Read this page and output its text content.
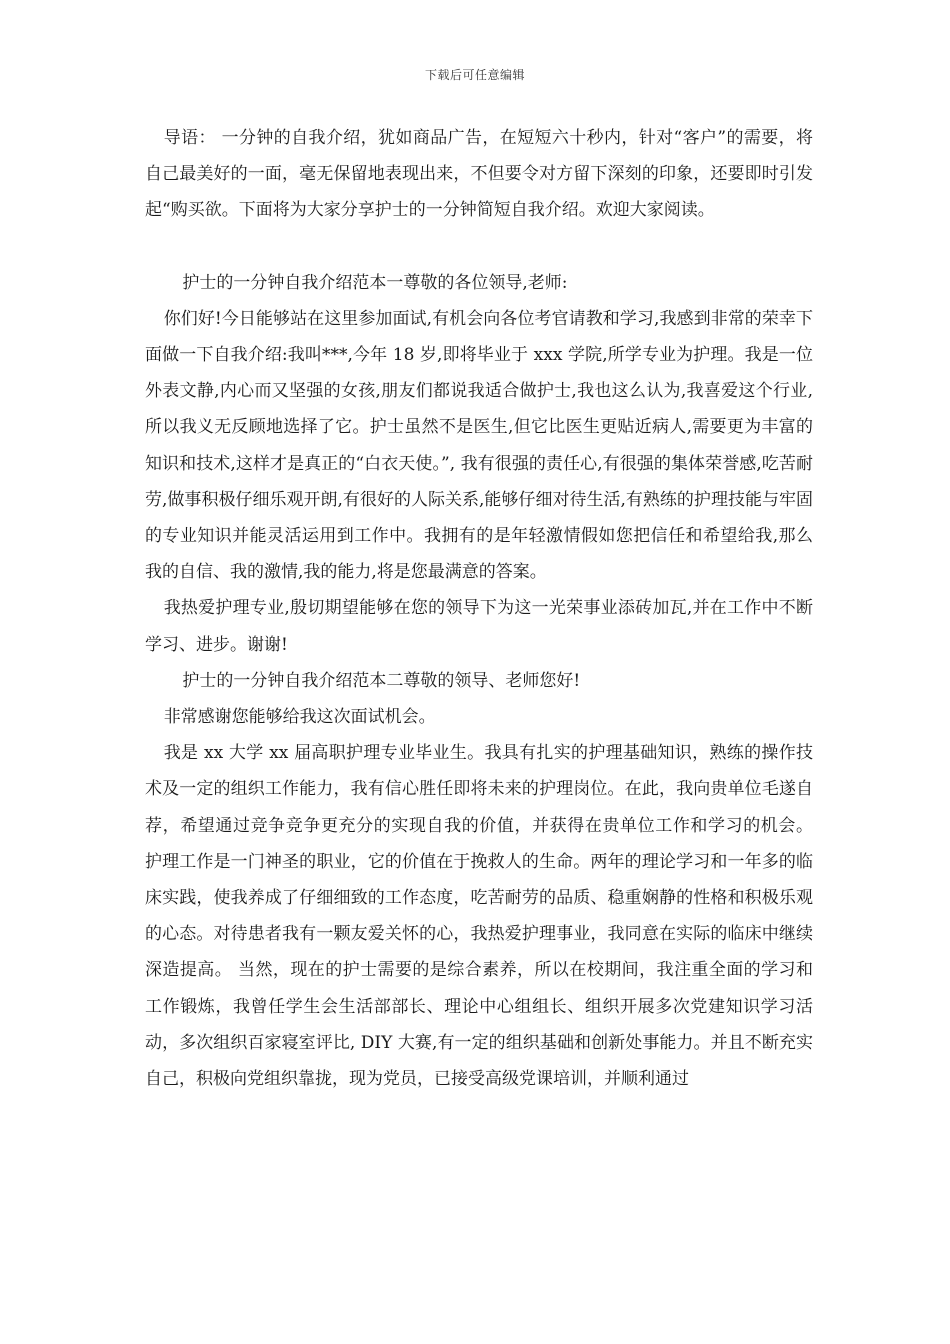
下载后可任意编辑

导语： 一分钟的自我介绍，犹如商品广告，在短短六十秒内，针对“客户”的需要，将自己最美好的一面，毫无保留地表现出来，不但要令对方留下深刻的印象，还要即时引发起“购买欲。下面将为大家分享护士的一分钟简短自我介绍。欢迎大家阅读。

护士的一分钟自我介绍范本一尊敬的各位领导,老师:

你们好!今日能够站在这里参加面试,有机会向各位考官请教和学习,我感到非常的荣幸下面做一下自我介绍:我叫***,今年 18 岁,即将毕业于 xxx 学院,所学专业为护理。我是一位外表文静,内心而又坚强的女孩,朋友们都说我适合做护士,我也这么认为,我喜爱这个行业,所以我义无反顾地选择了它。护士虽然不是医生,但它比医生更贴近病人,需要更为丰富的知识和技术,这样才是真正的“白衣天使。”, 我有很强的责任心,有很强的集体荣誉感,吃苦耐劳,做事积极仔细乐观开朗,有很好的人际关系,能够仔细对待生活,有熟练的护理技能与牢固的专业知识并能灵活运用到工作中。我拥有的是年轻激情假如您把信任和希望给我,那么我的自信、我的激情,我的能力,将是您最满意的答案。

我热爱护理专业,殷切期望能够在您的领导下为这一光荣事业添砖加瓦,并在工作中不断学习、进步。谢谢!

护士的一分钟自我介绍范本二尊敬的领导、老师您好!

非常感谢您能够给我这次面试机会。

我是 xx 大学 xx 届高职护理专业毕业生。我具有扎实的护理基础知识，熟练的操作技术及一定的组织工作能力，我有信心胜任即将未来的护理岗位。在此，我向贵单位毛遂自荐，希望通过竞争竞争更充分的实现自我的价值，并获得在贵单位工作和学习的机会。 护理工作是一门神圣的职业，它的价值在于挽救人的生命。两年的理论学习和一年多的临床实践，使我养成了仔细细致的工作态度，吃苦耐劳的品质、稳重娴静的性格和积极乐观的心态。对待患者我有一颗友爱关怀的心，我热爱护理事业，我同意在实际的临床中继续深造提高。 当然，现在的护士需要的是综合素养，所以在校期间，我注重全面的学习和工作锻炼，我曾任学生会生活部部长、理论中心组组长、组织开展多次党建知识学习活动，多次组织百家寝室评比, DIY 大赛,有一定的组织基础和创新处事能力。并且不断充实自己，积极向党组织靠拢，现为党员，已接受高级党课培训，并顺利通过
